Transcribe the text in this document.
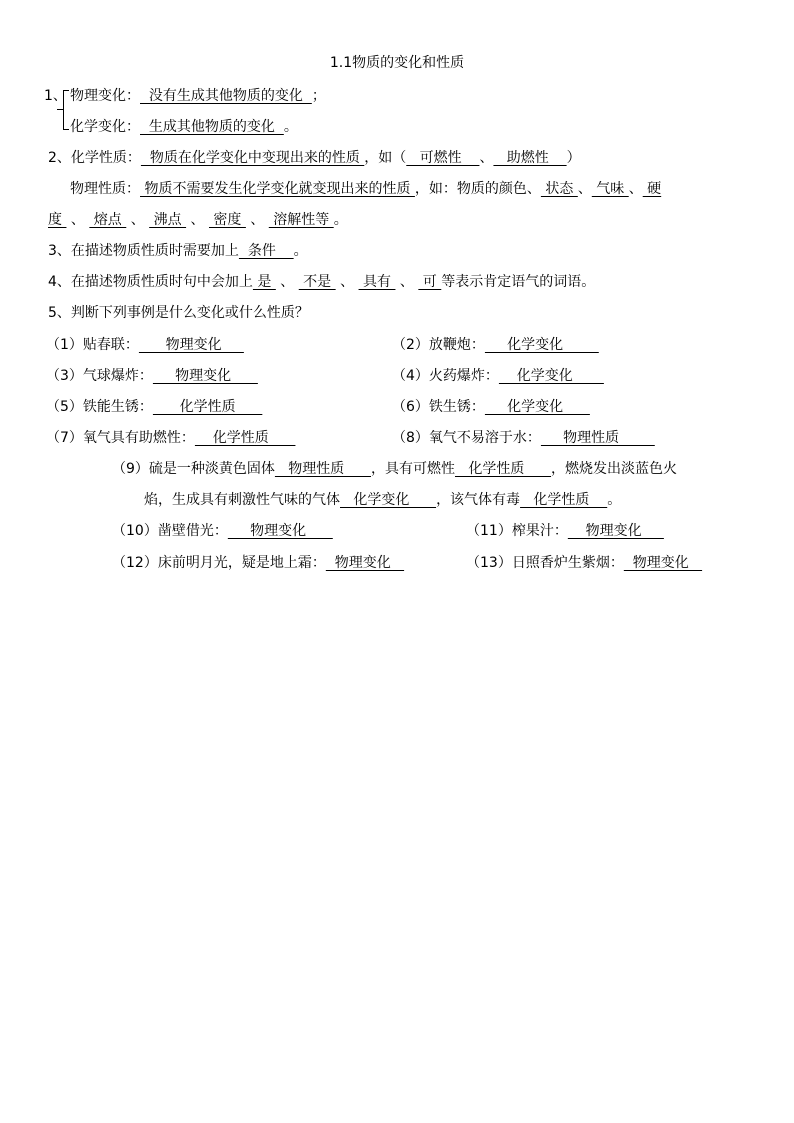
1.1物质的变化和性质
1、 物理变化：  没有生成其他物质的变化  ；
化学变化：  生成其他物质的变化  。
2、化学性质：  物质在化学变化中变现出来的性质 ，如（   可燃性    、   助燃性    ）
物理性质： 物质不需要发生化学变化就变现出来的性质 ，如：物质的颜色、 状态 、 气味 、 硬
度  、  熔点  、  沸点  、  密度  、  溶解性等 。
3、在描述物质性质时需要加上  条件    。
4、在描述物质性质时句中会加上 是  、  不是  、  具有  、  可 等表示肯定语气的词语。
5、判断下列事例是什么变化或什么性质？
（1）贴春联：      物理变化	（2）放鞭炮：     化学变化
（3）气球爆炸：     物理变化	（4）火药爆炸：    化学变化
（5）铁能生锈：      化学性质	（6）铁生锈：     化学变化
（7）氧气具有助燃性：    化学性质	（8）氧气不易溶于水：     物理性质
（9）硫是一种淡黄色固体   物理性质      ，具有可燃性   化学性质      ，燃烧发出淡蓝色火
焰，生成具有刺激性气味的气体   化学变化      ，该气体有毒   化学性质    。
（10）凿壁借光：     物理变化	（11）榨果汁：    物理变化
（12）床前明月光，疑是地上霜：  物理变化	（13）日照香炉生紫烟：  物理变化
